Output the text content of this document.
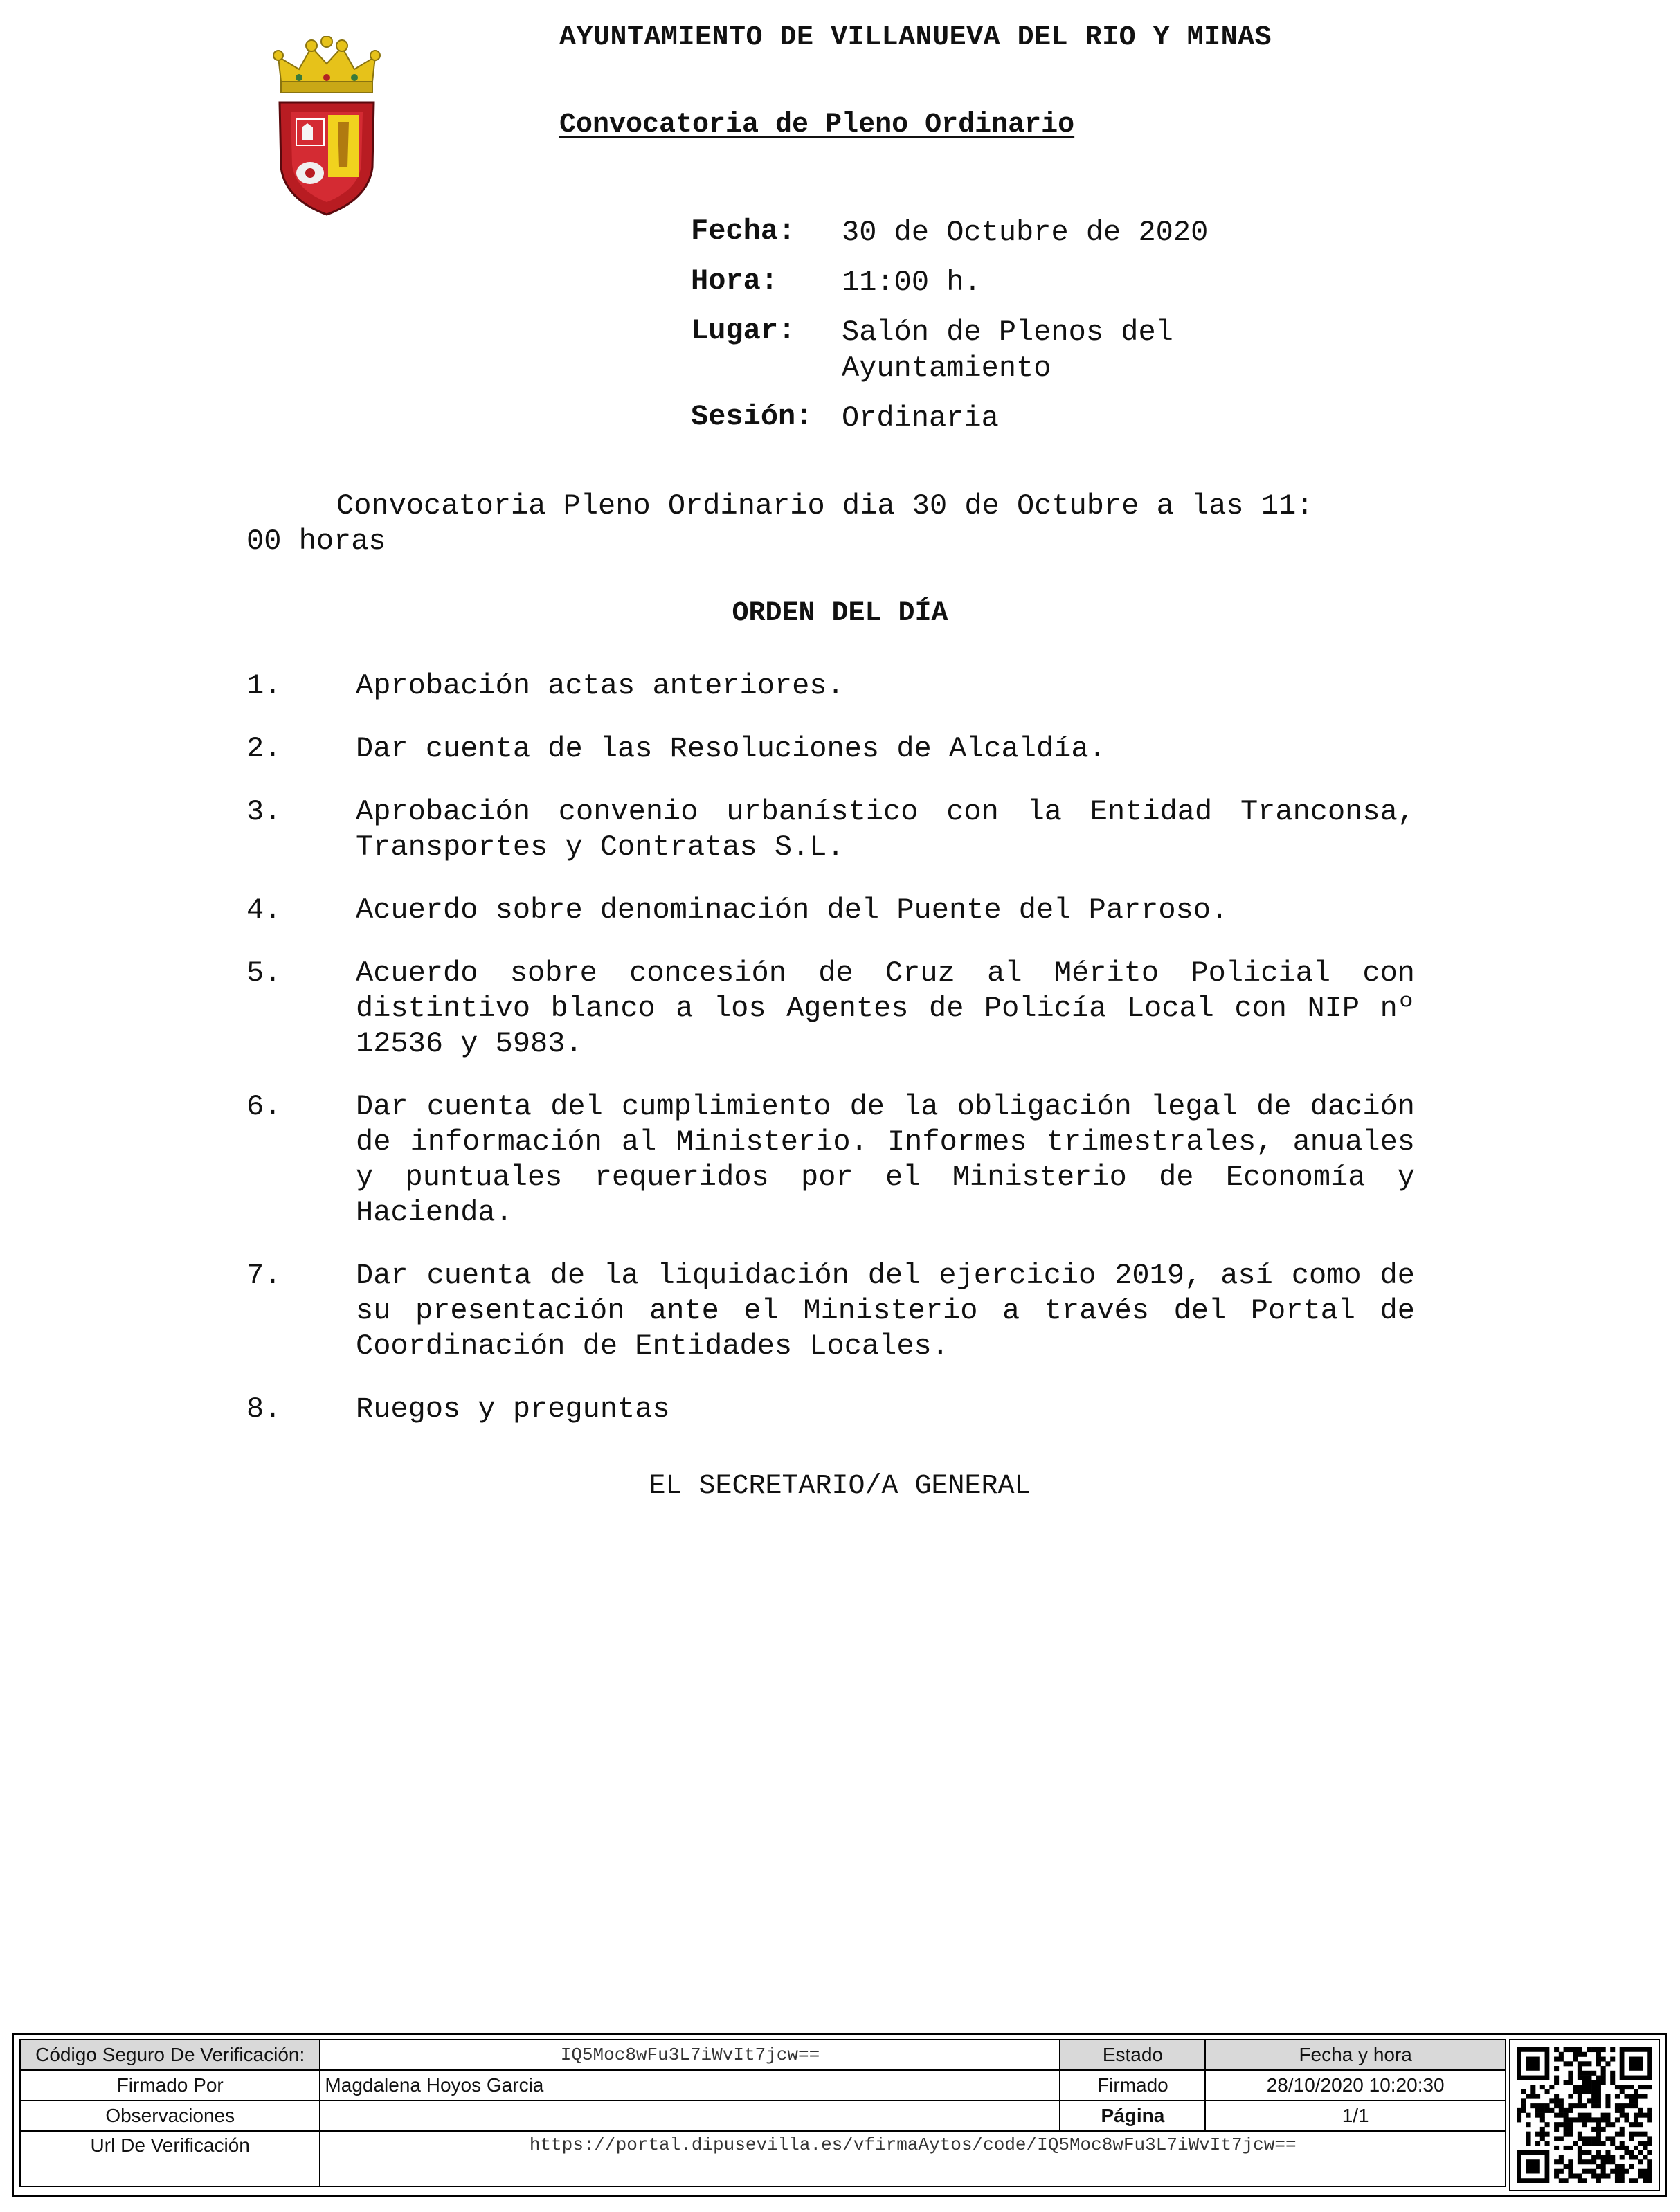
AYUNTAMIENTO DE VILLANUEVA DEL RIO Y MINAS
Convocatoria de Pleno Ordinario
Fecha:	30 de Octubre de 2020
Hora:	11:00 h.
Lugar:	Salón de Plenos del Ayuntamiento
Sesión: Ordinaria
Convocatoria Pleno Ordinario dia 30 de Octubre a las 11:
00 horas
ORDEN DEL DÍA
1.	Aprobación actas anteriores.
2.	Dar cuenta de las Resoluciones de Alcaldía.
3.	Aprobación convenio urbanístico con la Entidad Tranconsa, Transportes y Contratas S.L.
4.	Acuerdo sobre denominación del Puente del Parroso.
5.	Acuerdo sobre concesión de Cruz al Mérito Policial con distintivo blanco a los Agentes de Policía Local con NIP nº 12536 y 5983.
6.	Dar cuenta del cumplimiento de la obligación legal de dación de información al Ministerio. Informes trimestrales, anuales y puntuales requeridos por el Ministerio de Economía y Hacienda.
7.	Dar cuenta de la liquidación del ejercicio 2019, así como de su presentación ante el Ministerio a través del Portal de Coordinación de Entidades Locales.
8.	Ruegos y preguntas
EL SECRETARIO/A GENERAL
Código Seguro De Verificación:	IQ5Moc8wFu3L7iWvIt7jcw==	Estado	Fecha y hora
Firmado Por	Magdalena Hoyos Garcia	Firmado	28/10/2020 10:20:30
Observaciones		Página	1/1
Url De Verificación	https://portal.dipusevilla.es/vfirmaAytos/code/IQ5Moc8wFu3L7iWvIt7jcw==		
